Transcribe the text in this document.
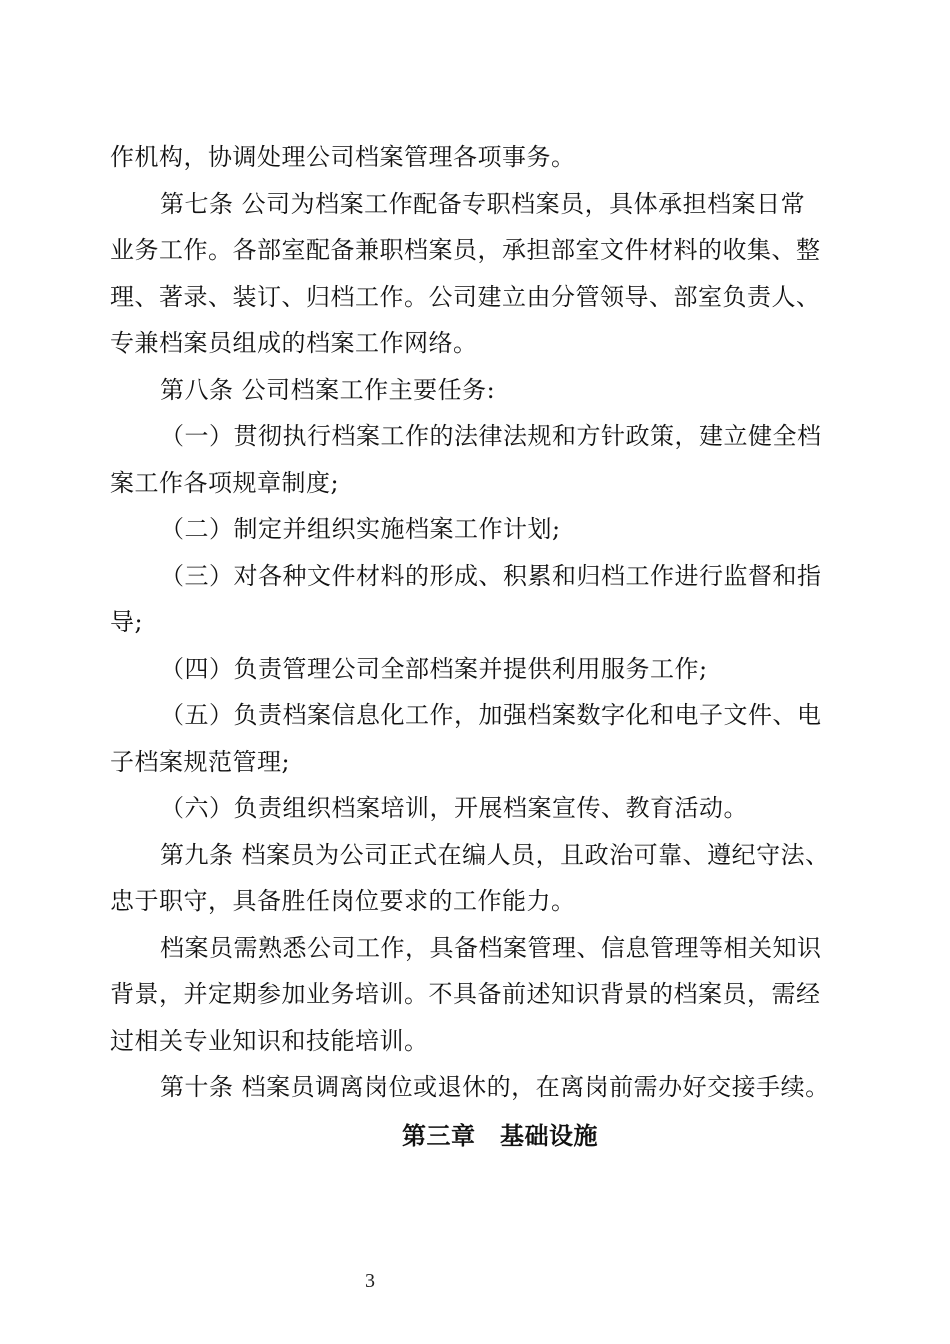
作机构，协调处理公司档案管理各项事务。
第七条 公司为档案工作配备专职档案员，具体承担档案日常
业务工作。各部室配备兼职档案员，承担部室文件材料的收集、整
理、著录、装订、归档工作。公司建立由分管领导、部室负责人、
专兼档案员组成的档案工作网络。
第八条 公司档案工作主要任务:
（一）贯彻执行档案工作的法律法规和方针政策，建立健全档
案工作各项规章制度;
（二）制定并组织实施档案工作计划;
（三）对各种文件材料的形成、积累和归档工作进行监督和指
导;
（四）负责管理公司全部档案并提供利用服务工作;
（五）负责档案信息化工作，加强档案数字化和电子文件、电
子档案规范管理;
（六）负责组织档案培训，开展档案宣传、教育活动。
第九条 档案员为公司正式在编人员，且政治可靠、遵纪守法、
忠于职守，具备胜任岗位要求的工作能力。
档案员需熟悉公司工作，具备档案管理、信息管理等相关知识
背景，并定期参加业务培训。不具备前述知识背景的档案员，需经
过相关专业知识和技能培训。
第十条 档案员调离岗位或退休的，在离岗前需办好交接手续。
第三章　基础设施
3
